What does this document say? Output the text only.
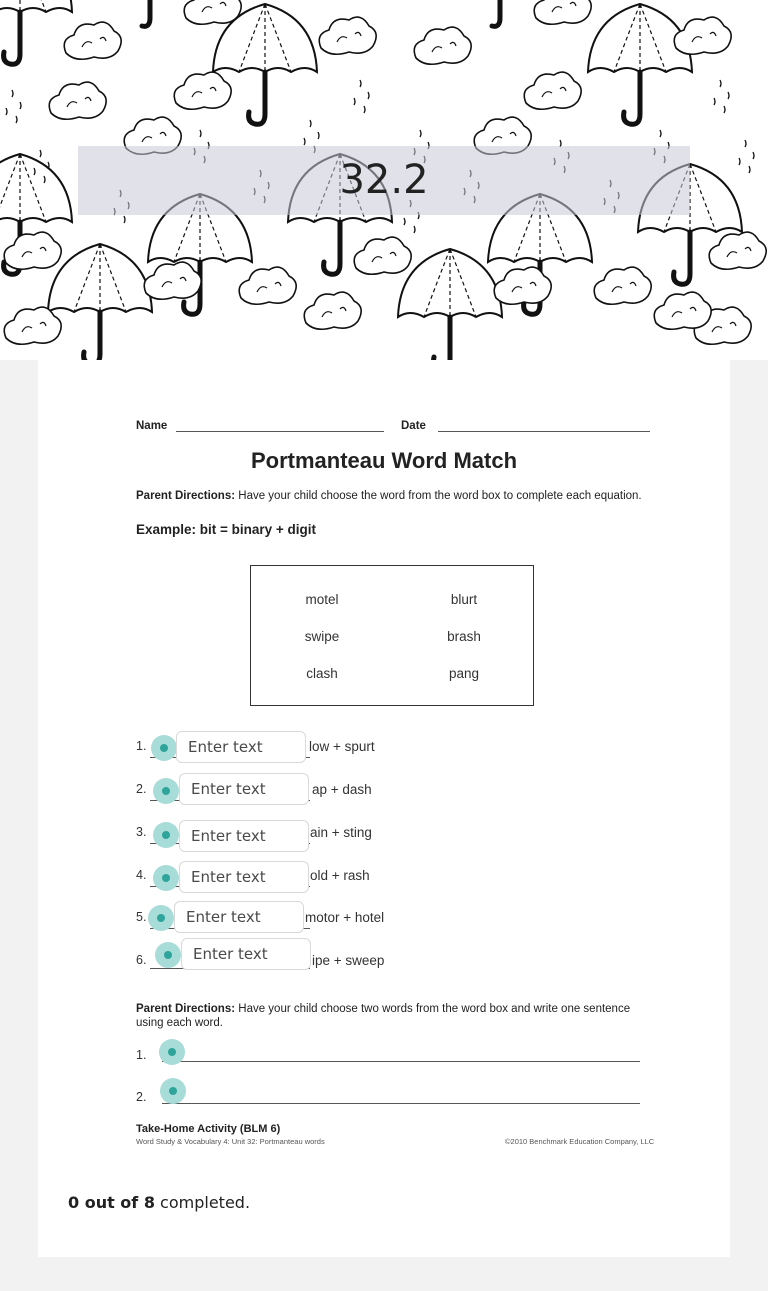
32.2
Name	Date
Portmanteau Word Match
Parent Directions: Have your child choose the word from the word box to complete each equation.
Example: bit = binary + digit
motel	blurt
swipe	brash
clash	pang
1.
Enter text	low + spurt
2.
Enter text	ap + dash
3.
Enter text	ain + sting
4.
Enter text	old + rash
5.
Enter text	motor + hotel
6.
Enter text	ipe + sweep
Parent Directions: Have your child choose two words from the word box and write one sentence
using each word.
1.
2.
Take-Home Activity (BLM 6)
Word Study & Vocabulary 4: Unit 32: Portmanteau words	©2010 Benchmark Education Company, LLC
0 out of 8 completed.
